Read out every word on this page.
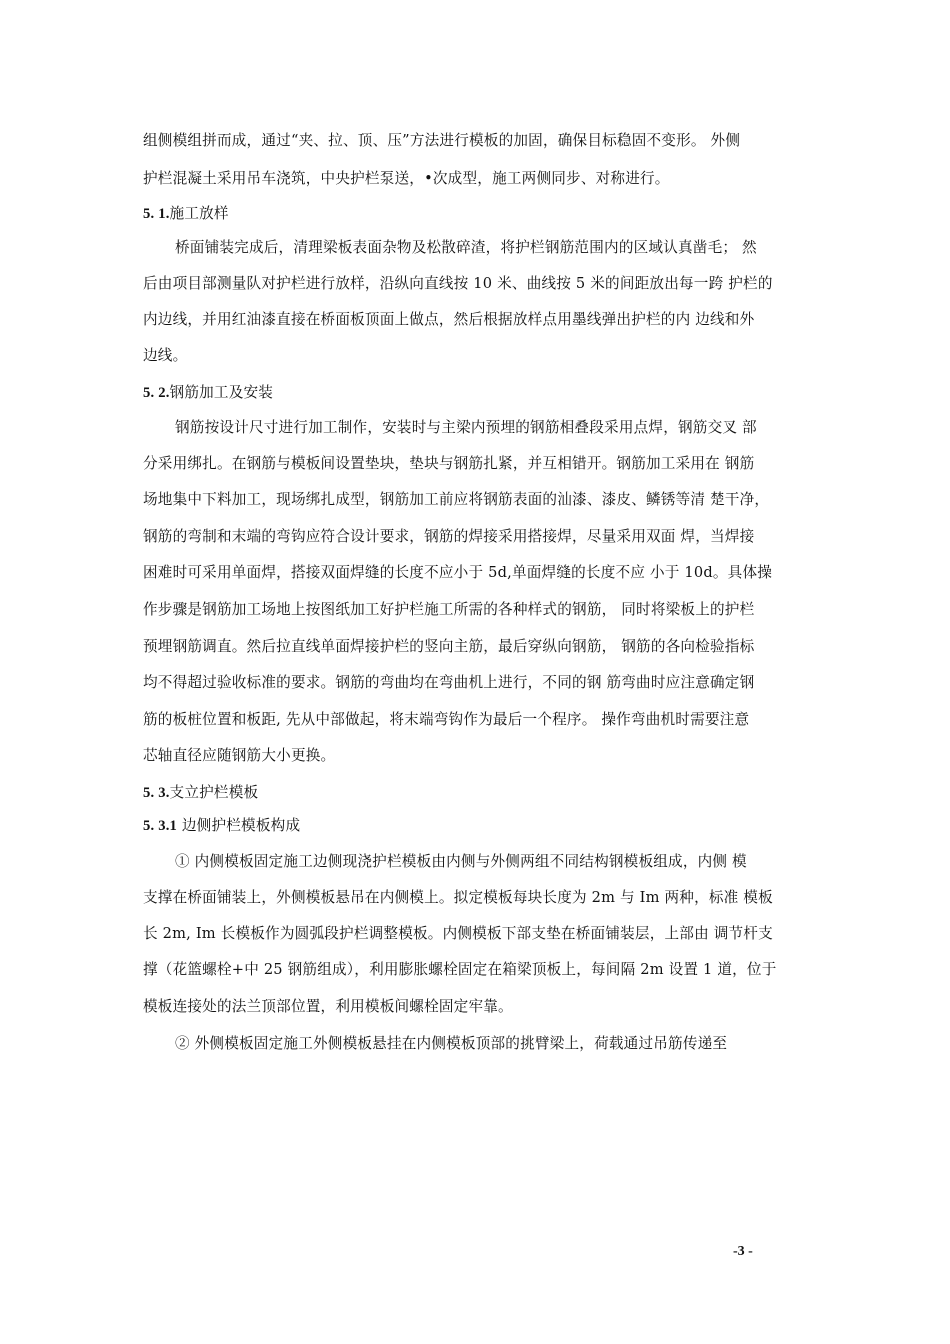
组侧模组拼而成，通过“夹、拉、顶、压”方法进行模板的加固，确保目标稳固不变形。 外侧
护栏混凝土采用吊车浇筑，中央护栏泵送，•次成型，施工两侧同步、对称进行。
5. 1.施工放样
桥面铺装完成后，清理梁板表面杂物及松散碎渣，将护栏钢筋范围内的区域认真凿毛； 然
后由项目部测量队对护栏进行放样，沿纵向直线按 10 米、曲线按 5 米的间距放出每一跨 护栏的
内边线，并用红油漆直接在桥面板顶面上做点，然后根据放样点用墨线弹出护栏的内 边线和外
边线。
5. 2.钢筋加工及安装
钢筋按设计尺寸进行加工制作，安装时与主梁内预埋的钢筋相叠段采用点焊，钢筋交叉 部
分采用绑扎。在钢筋与模板间设置垫块，垫块与钢筋扎紧，并互相错开。钢筋加工采用在 钢筋
场地集中下料加工，现场绑扎成型，钢筋加工前应将钢筋表面的汕漆、漆皮、鳞锈等清 楚干净，
钢筋的弯制和末端的弯钩应符合设计要求，钢筋的焊接采用搭接焊，尽量采用双面 焊，当焊接
困难时可采用单面焊，搭接双面焊缝的长度不应小于 5d,单面焊缝的长度不应 小于 10d。具体操
作步骤是钢筋加工场地上按图纸加工好护栏施工所需的各种样式的钢筋， 同时将梁板上的护栏
预埋钢筋调直。然后拉直线单面焊接护栏的竖向主筋，最后穿纵向钢筋， 钢筋的各向检验指标
均不得超过验收标准的要求。钢筋的弯曲均在弯曲机上进行，不同的钢 筋弯曲时应注意确定钢
筋的板桩位置和板距, 先从中部做起，将末端弯钩作为最后一个程序。 操作弯曲机时需要注意
芯轴直径应随钢筋大小更换。
5. 3.支立护栏模板
5. 3.1 边侧护栏模板构成
① 内侧模板固定施工边侧现浇护栏模板由内侧与外侧两组不同结构钢模板组成，内侧 模
支撑在桥面铺装上，外侧模板悬吊在内侧模上。拟定模板每块长度为 2m 与 Im 两种，标准 模板
长 2m, Im 长模板作为圆弧段护栏调整模板。内侧模板下部支垫在桥面铺装层，上部由 调节杆支
撑（花篮螺栓+中 25 钢筋组成），利用膨胀螺栓固定在箱梁顶板上，每间隔 2m 设置 1 道，位于
模板连接处的法兰顶部位置，利用模板间螺栓固定牢靠。
② 外侧模板固定施工外侧模板悬挂在内侧模板顶部的挑臂梁上，荷载通过吊筋传递至
-3 -
